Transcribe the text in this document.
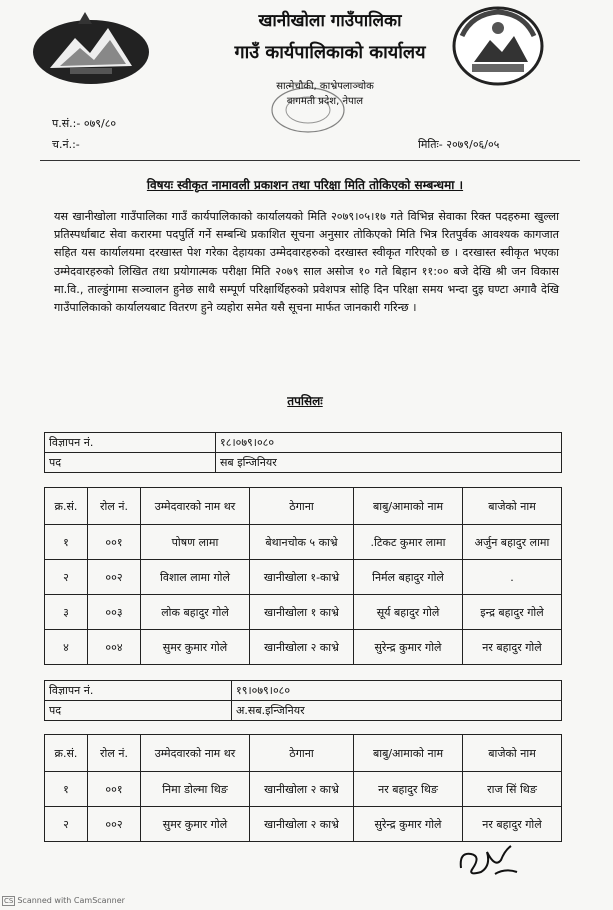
खानीखोला गाउँपालिका
गाउँ कार्यपालिकाको कार्यालय
सात्मेचौकी, काभ्रेपलाञ्चोक
बागमती प्रदेश, नेपाल
प.सं.:- ०७९/८०
च.नं.:-	मितिः- २०७९/०६/०५
विषयः स्वीकृत नामावली प्रकाशन तथा परिक्षा मिति तोकिएको सम्बन्धमा ।
यस खानीखोला गाउँपालिका गाउँ कार्यपालिकाको कार्यालयको मिति २०७९।०५।१७ गते विभिन्न सेवाका रिक्त पदहरुमा खुल्ला प्रतिस्पर्धाबाट सेवा करारमा पदपुर्ति गर्ने सम्बन्धि प्रकाशित सूचना अनुसार तोकिएको मिति भित्र रितपुर्वक आवश्यक कागजात सहित यस कार्यालयमा दरखास्त पेश गरेका देहायका उम्मेदवारहरुको दरखास्त स्वीकृत गरिएको छ । दरखास्त स्वीकृत भएका उम्मेदवारहरुको लिखित तथा प्रयोगात्मक परीक्षा मिति २०७९ साल असोज १० गते बिहान ११:०० बजे देखि श्री जन विकास मा.वि., ताल्डुंगामा सञ्चालन हुनेछ साथै सम्पूर्ण परिक्षार्थिहरुको प्रवेशपत्र सोहि दिन परिक्षा समय भन्दा दुइ घण्टा अगावै देखि गाउँपालिकाको कार्यालयबाट वितरण हुने व्यहोरा समेत यसै सूचना मार्फत जानकारी गरिन्छ ।
तपसिलः
विज्ञापन नं.	१८।०७९।०८०
पद	सब इन्जिनियर
क्र.सं.	रोल नं.	उम्मेदवारको नाम थर	ठेगाना	बाबु/आमाको नाम	बाजेको नाम
१	००१	पोषण लामा	बेथानचोक ५ काभ्रे	.टिकट कुमार लामा	अर्जुन बहादुर लामा
२	००२	विशाल लामा गोले	खानीखोला १-काभ्रे	निर्मल बहादुर गोले	.
३	००३	लोक बहादुर गोले	खानीखोला १ काभ्रे	सूर्य बहादुर गोले	इन्द्र बहादुर गोले
४	००४	सुमर कुमार गोले	खानीखोला २ काभ्रे	सुरेन्द्र कुमार गोले	नर बहादुर गोले
विज्ञापन नं.	१९।०७९।०८०
पद	अ.सब.इन्जिनियर
क्र.सं.	रोल नं.	उम्मेदवारको नाम थर	ठेगाना	बाबु/आमाको नाम	बाजेको नाम
१	००१	निमा डोल्मा थिङ	खानीखोला २ काभ्रे	नर बहादुर थिङ	राज सिं थिङ
२	००२	सुमर कुमार गोले	खानीखोला २ काभ्रे	सुरेन्द्र कुमार गोले	नर बहादुर गोले
CS Scanned with CamScanner
